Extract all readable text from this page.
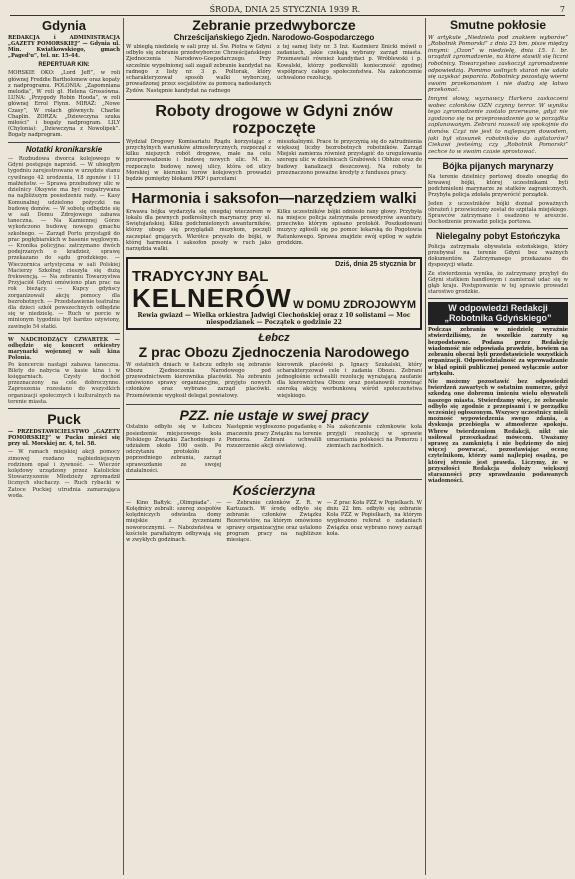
ŚRODA, DNIA 25 STYCZNIA 1939 R.	7
Gdynia

REDAKCJA i ADMINISTRACJA „GAZETY POMORSKIEJ” — Gdynia ul. Min. Kwiatkowskiego, gmach „Paged'u”, tel. nr. 15-44.

REPERTUAR KIN:

MORSKIE OKO: „Lord Jeff”, w roli głównej Freddie Bartholomew oraz kopaty z nadprogramu. POLONIA: „Zapomniana melodia”, W roli gł. Helena Grossówna. LUNA: „Przygody Robin Hooda”, w roli głównej Errol Flynn. MIRAŻ: „Nowe Czasy”, W rolach głównych: Charlie Chaplin. ZORZA: „Dziewczyna szuka miłości” i bogaty nadprogram. LILY (Chylonia): „Dziewczyna z Nowolipek”. Bogaty nadprogram.

Notatki kronikarskie

— Rozbudowa dworca kolejowego w Gdyni postępuje naprzód. — W ubiegłym tygodniu zarejestrowano w urzędzie stanu cywilnego 42 urodzenia, 18 zgonów i 11 małżeństw. — Sprawa przebudowy ulic w dzielnicy Oksywie ma być rozpatrywana na najbliższym posiedzeniu rady. — Kasy Komunalnej udzielono pożyczki na budowę domów. — W sobotę odbędzie się w sali Domu Zdrojowego zabawa taneczna. — Na Kamiennej Górze wykończono budowę nowego gmachu szkolnego. — Zarząd Portu przystąpił do prac pogłębiarskich w basenie węglowym. — Kronika policyjna: zatrzymano dwóch podejrzanych o kradzież, sprawę przekazano do sądu grodzkiego. — Wieczornica artystyczna w sali Polskiej Macierzy Szkolnej cieszyła się dużą frekwencją. — Na zebraniu Towarzystwa Przyjaciół Gdyni omówiono plan prac na rok bieżący. — Kupcy gdyńscy zorganizowali akcję pomocy dla bezrobotnych. — Przedstawienie teatralne dla dzieci szkół powszechnych odbędzie się w niedzielę. — Ruch w porcie w minionym tygodniu był bardzo ożywiony, zawinęło 54 statki.

W NADCHODZĄCY CZWARTEK — odbędzie się koncert orkiestry marynarki wojennej w sali kina Polonia.

Po koncercie nastąpi zabawa taneczna. Bilety do nabycia w kasie kina i w księgarniach. Czysty dochód przeznaczony na cele dobroczynne. Zaproszenia rozesłano do wszystkich organizacji społecznych i kulturalnych na terenie miasta.

Puck

— PRZEDSTAWICIELSTWO „GAZETY POMORSKIEJ” w Pucku mieści się przy ul. Morskiej nr. 4, tel. 58.

— W ramach miejskiej akcji pomocy zimowej rozdano najbiedniejszym rodzinom opał i żywność. — Wieczór kolędowy urządzony przez Katolickie Stowarzyszenie Młodzieży zgromadził licznych słuchaczy. — Ruch rybacki w Zatoce Puckiej utrudnia zamarzająca woda.

Zebranie przedwyborcze
Chrześcijańskiego Zjedn. Narodowo-Gospodarczego

W ubiegłą niedzielę w sali przy ul. Św. Piotra w Gdyni odbyło się zebranie przedwyborcze Chrześcijańskiego Zjednoczenia Narodowo-Gospodarczego. Przy szczelnie wypełnionej sali zagaił zebranie kandydat na radnego z listy nr. 3 p. Poltorak, który scharakteryzował sposób walki wyborczej, prowadzonej przez socjalistów za pomocą nadesłanych Żydów. Następnie kandydat na radnego

z tej samej listy nr. 3 Inż. Kazimierz Ilnicki mówił o zadaniach, jakie czekają wybrany zarząd miasta. Przemawiali również kandydaci p. Wróblewski i p. Kowalski, którzy podkreślili konieczność zgodnej współpracy całego społeczeństwa. Na zakończenie uchwalono rezolucję.

Roboty drogowe w Gdyni znów rozpoczęte

Wydział Drogowy Komisariatu Rządu korzystając z przychylnych warunków atmosferycznych, rozpoczął z kilku niejszych robót drogowe, małe na celu przeprowadzenie i budowę nowych ulic. M. in. rozpoczęto budowę nowej ulicy, która od ulicy Morskiej w kierunku torów kolejowych prowadzi będzie pomiędzy blokami PKP i parcelami

mieszkalnymi. Prace te przyczynią się do zatrudnienia większej liczby bezrobotnych robotników. Zarząd Miejski zamierza również przystąpić do uregulowania szeregu ulic w dzielnicach Grabówek i Obłuże oraz do budowy kanalizacji deszczowej. Na roboty te przeznaczono poważne kredyty z funduszu pracy.

Harmonia i saksofon—narzędziem walki

Krwawa bójka wydarzyła się onegdaj wieczorem w lokalu dla pewnych podkreślnych marynarzy przy ul. Świętojańskiej. Kilku podchmielonych awanturników, którzy ubogo się przyglądali muzykom, poczęli zaczepiać grających. Wkrótce przyszło do bójki, w której harmonia i saksofon poszły w ruch jako narzędzia walki.

Kilku uczestników bójki odniosło rany głowy. Przybyła na miejsce policja zatrzymała prowodyrów awantury, przeciwko którym spisano protokół. Poszkodowani muzycy zgłosili się po pomoc lekarską do Pogotowia Ratunkowego. Sprawa znajdzie swój epilog w sądzie grodzkim.

Dziś, dnia 25 stycznia br
TRADYCYJNY BAL
KELNERÓW W DOMU ZDROJOWYM
Rewia gwiazd — Wielka orkiestra Jadwigi Ciechońskiej oraz z 10 solistami — Moc niespodzianek — Początek o godzinie 22
Łebcz
Z prac Obozu Zjednoczenia Narodowego

W ostatnich dniach w Łebczu odbyło się zebranie Obozu Zjednoczenia Narodowego pod przewodnictwem kierownika placówki. Na zebraniu omówiono sprawy organizacyjne, przyjęto nowych członków oraz wybrano zarząd placówki. Przemówienie wygłosił delegat powiatowy.

kierownik placówki p. Ignacy Szukalski, który scharakteryzował cele i zadania Obozu. Zebrani jednogłośnie uchwalili rezolucję wyrażającą zaufanie dla kierownictwa Obozu oraz postanowili rozwinąć szeroką akcję werbunkową wśród społeczeństwa wiejskiego.

PZZ. nie ustaje w swej pracy

Ostatnio odbyło się w Łebczu posiedzenie miejscowego koła Polskiego Związku Zachodniego z udziałem około 100 osób. Po odczytaniu protokółu z poprzedniego zebrania, zarząd sprawozdanie ze swojej działalności.

Następnie wygłoszono pogadankę o znaczeniu pracy Związku na terenie Pomorza. Zebrani uchwalili rozszerzenie akcji oświatowej.

Na zakończenie członkowie koła przyjęli rezolucję w sprawie umacniania polskości na Pomorzu i ziemiach zachodnich.

Kościerzyna

— Kino Bałtyk: „Olimpiada”. — Kolędnicy zebrali: szereg zespołów kolędniczych odwiedza domy miejskie z życzeniami noworocznymi. — Nabożeństwa w kościele parafialnym odbywają się w zwykłych godzinach.

— Zebranie członków Z. R. w Kartuzach. W środę odbyło się zebranie członków Związku Rezerwistów, na którym omówiono sprawy organizacyjne oraz ustalono program pracy na najbliższe miesiące.

— Z prac Koła PZZ w Popielkach. W dniu 22 bm. odbyło się zebranie Koła PZZ w Popielkach, na którym wygłoszono referat o zadaniach Związku oraz wybrano nowy zarząd koła.

Smutne pokłosie

W artykule „Niedziela pod znakiem wyborów” „Robotnik Pomorski” z dnia 23 bm. pisze między innymi: „Ozon” w niedzielę, dnia 15. I. br. urządził zgromadzenie, na które stawili się liczni robotnicy. Towarzystwo zaskoczył zgromadzenie odpowiedzią. Pomimo usilnych starań nie udało się uzyskać poparcia. Robotnicy pozostają wierni swoim przekonaniom i nie dadzą się łatwo przekonać.

Innymi słowy, wyznawcy Harkera zaskoczeni wobec członków OZN czynny terror. W wyniku tego zgromadzenie zostało przerwane, gdyż nie zgodzono się na przeprowadzenie go w porządku zaplanowanym. Zebrani rozeszli się spokojnie do domów. Czyż nie jest to najlepszym dowodem, jaki był stosunek robotników do agitatorów? Ciekawi jesteśmy, czy „Robotnik Pomorski” zechce to w swoim czasie sprostować.

Bójka pijanych marynarzy

Na terenie dzielnicy portowej doszło onegdaj do krwawej bójki, której uczestnikami byli podchmieleni marynarze ze statków zagranicznych. Przybyła policja zdołała przywrócić porządek.

Jeden z uczestników bójki doznał poważnych obrażeń i przewieziony został do szpitala miejskiego. Sprawców zatrzymano i osadzono w areszcie. Dochodzenie prowadzi policja portowa.

Nielegalny pobyt Estończyka

Policja zatrzymała obywatela estońskiego, który przebywał na terenie Gdyni bez ważnych dokumentów. Zatrzymanego przekazano do dyspozycji władz.

Ze stwierdzenia wynika, że zatrzymany przybył do Gdyni statkiem handlowym i zamierzał udać się w głąb kraju. Postępowanie w tej sprawie prowadzi starostwo grodzkie.

W odpowiedzi Redakcji „Robotnika Gdyńskiego”

Podczas zebrania w niedzielę wyraźnie stwierdziliśmy, że wszelkie zarzuty są bezpodstawne. Podana przez Redakcję wiadomość nie odpowiada prawdzie, bowiem na zebraniu obecni byli przedstawiciele wszystkich organizacji. Odpowiedzialność za wprowadzanie w błąd opinii publicznej ponosi wyłącznie autor artykułu.

Nie możemy pozostawić bez odpowiedzi twierdzeń zawartych w ostatnim numerze, gdyż szkodzą one dobremu imieniu wielu obywateli naszego miasta. Stwierdzamy więc, że zebranie odbyło się zgodnie z przepisami i w porządku wcześniej ogłoszonym. Wszyscy uczestnicy mieli możność wypowiedzenia swego zdania, a dyskusja przebiegła w atmosferze spokoju. Wbrew twierdzeniom Redakcji, nikt nie usiłował przeszkadzać mówcom. Uważamy sprawę za zamkniętą i nie będziemy do niej więcej powracać, pozostawiając ocenę czytelnikom, którzy sami najlepiej osądzą, po której stronie jest prawda. Liczymy, że w przyszłości Redakcja dołoży większej staranności przy sprawdzaniu podawanych wiadomości.
